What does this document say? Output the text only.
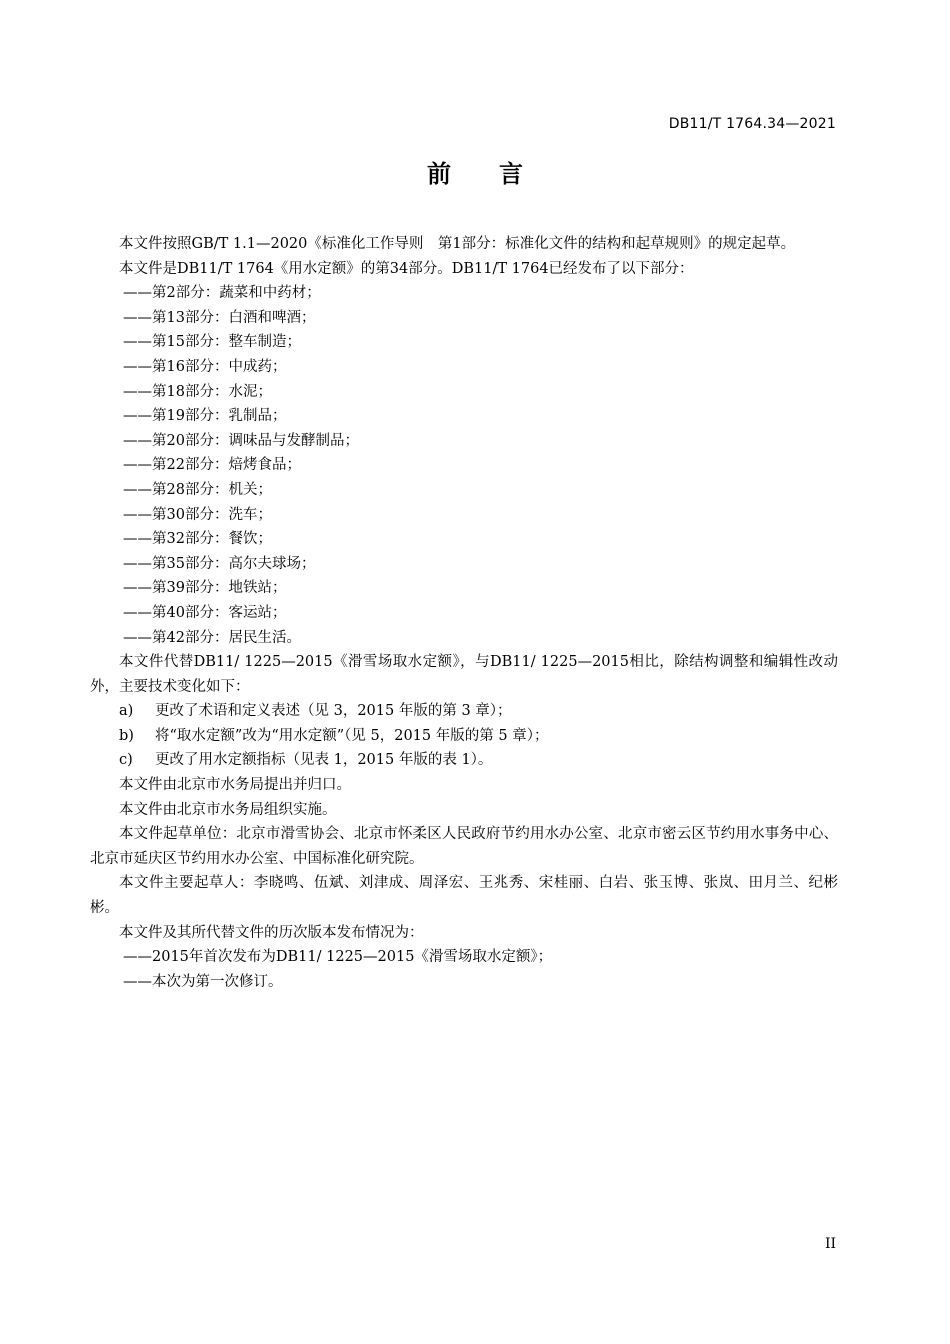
DB11/T 1764.34—2021
前言

本文件按照GB/T 1.1—2020《标准化工作导则　第1部分：标准化文件的结构和起草规则》的规定起草。

本文件是DB11/T 1764《用水定额》的第34部分。DB11/T 1764已经发布了以下部分：

——第2部分：蔬菜和中药材；

——第13部分：白酒和啤酒；

——第15部分：整车制造；

——第16部分：中成药；

——第18部分：水泥；

——第19部分：乳制品；

——第20部分：调味品与发酵制品；

——第22部分：焙烤食品；

——第28部分：机关；

——第30部分：洗车；

——第32部分：餐饮；

——第35部分：高尔夫球场；

——第39部分：地铁站；

——第40部分：客运站；

——第42部分：居民生活。

本文件代替DB11/ 1225—2015《滑雪场取水定额》，与DB11/ 1225—2015相比，除结构调整和编辑性改动外，主要技术变化如下：

a) 更改了术语和定义表述（见 3，2015 年版的第 3 章）；

b) 将“取水定额”改为“用水定额”（见 5，2015 年版的第 5 章）；

c) 更改了用水定额指标（见表 1，2015 年版的表 1）。

本文件由北京市水务局提出并归口。

本文件由北京市水务局组织实施。

本文件起草单位：北京市滑雪协会、北京市怀柔区人民政府节约用水办公室、北京市密云区节约用水事务中心、北京市延庆区节约用水办公室、中国标准化研究院。

本文件主要起草人：李晓鸣、伍斌、刘津成、周泽宏、王兆秀、宋桂丽、白岩、张玉博、张岚、田月兰、纪彬彬。

本文件及其所代替文件的历次版本发布情况为：

——2015年首次发布为DB11/ 1225—2015《滑雪场取水定额》；

——本次为第一次修订。

II
